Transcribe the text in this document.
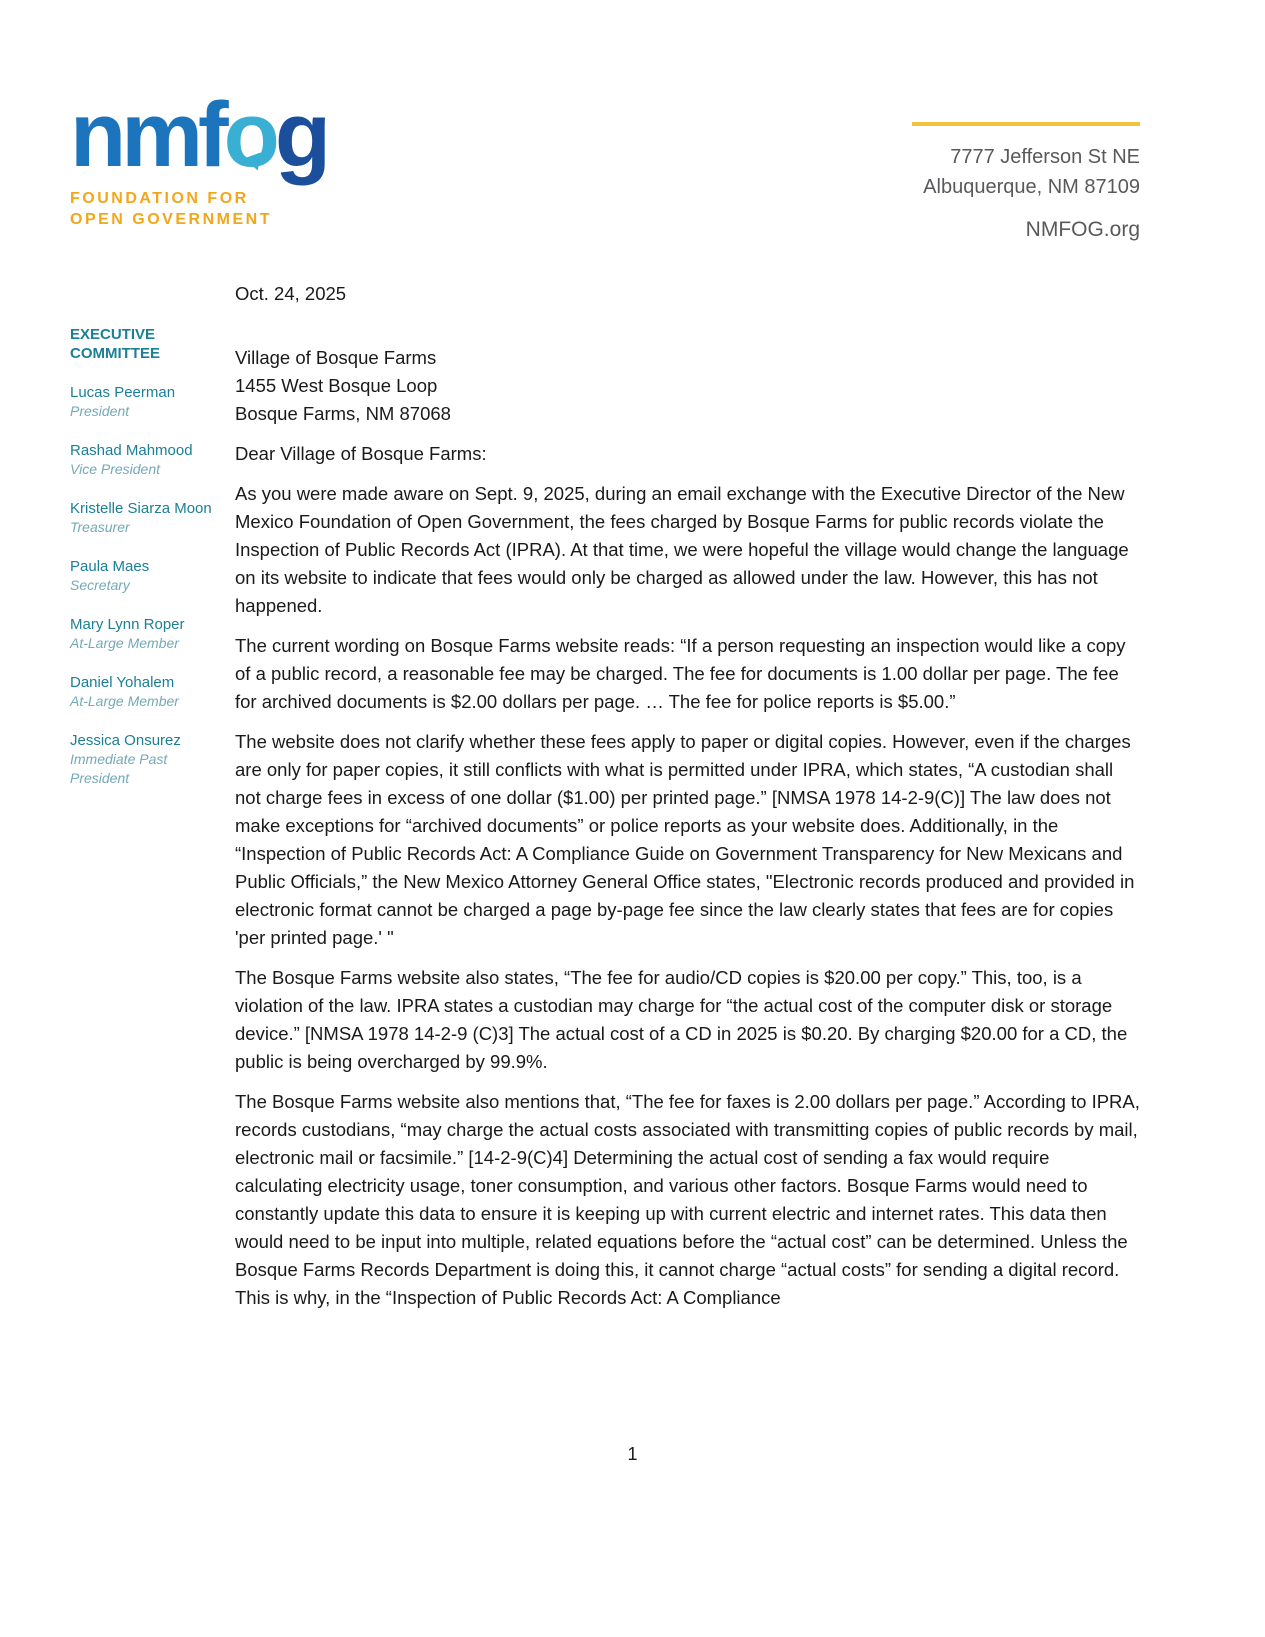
nmfog
FOUNDATION FOR
OPEN GOVERNMENT
7777 Jefferson St NE
Albuquerque, NM 87109
NMFOG.org
EXECUTIVE COMMITTEE
Lucas Peerman
President
Rashad Mahmood
Vice President
Kristelle Siarza Moon
Treasurer
Paula Maes
Secretary
Mary Lynn Roper
At-Large Member
Daniel Yohalem
At-Large Member
Jessica Onsurez
Immediate Past President
Oct. 24, 2025
Village of Bosque Farms
1455 West Bosque Loop
Bosque Farms, NM 87068
Dear Village of Bosque Farms:

As you were made aware on Sept. 9, 2025, during an email exchange with the Executive Director of the New Mexico Foundation of Open Government, the fees charged by Bosque Farms for public records violate the Inspection of Public Records Act (IPRA). At that time, we were hopeful the village would change the language on its website to indicate that fees would only be charged as allowed under the law. However, this has not happened.

The current wording on Bosque Farms website reads: “If a person requesting an inspection would like a copy of a public record, a reasonable fee may be charged. The fee for documents is 1.00 dollar per page. The fee for archived documents is $2.00 dollars per page. … The fee for police reports is $5.00.”

The website does not clarify whether these fees apply to paper or digital copies. However, even if the charges are only for paper copies, it still conflicts with what is permitted under IPRA, which states, “A custodian shall not charge fees in excess of one dollar ($1.00) per printed page.” [NMSA 1978 14-2-9(C)] The law does not make exceptions for “archived documents” or police reports as your website does. Additionally, in the “Inspection of Public Records Act: A Compliance Guide on Government Transparency for New Mexicans and Public Officials,” the New Mexico Attorney General Office states, "Electronic records produced and provided in electronic format cannot be charged a page by-page fee since the law clearly states that fees are for copies 'per printed page.' "

The Bosque Farms website also states, “The fee for audio/CD copies is $20.00 per copy.” This, too, is a violation of the law. IPRA states a custodian may charge for “the actual cost of the computer disk or storage device.” [NMSA 1978 14-2-9 (C)3] The actual cost of a CD in 2025 is $0.20. By charging $20.00 for a CD, the public is being overcharged by 99.9%.

The Bosque Farms website also mentions that, “The fee for faxes is 2.00 dollars per page.” According to IPRA, records custodians, “may charge the actual costs associated with transmitting copies of public records by mail, electronic mail or facsimile.” [14-2-9(C)4] Determining the actual cost of sending a fax would require calculating electricity usage, toner consumption, and various other factors. Bosque Farms would need to constantly update this data to ensure it is keeping up with current electric and internet rates. This data then would need to be input into multiple, related equations before the “actual cost” can be determined. Unless the Bosque Farms Records Department is doing this, it cannot charge “actual costs” for sending a digital record. This is why, in the “Inspection of Public Records Act: A Compliance

1
